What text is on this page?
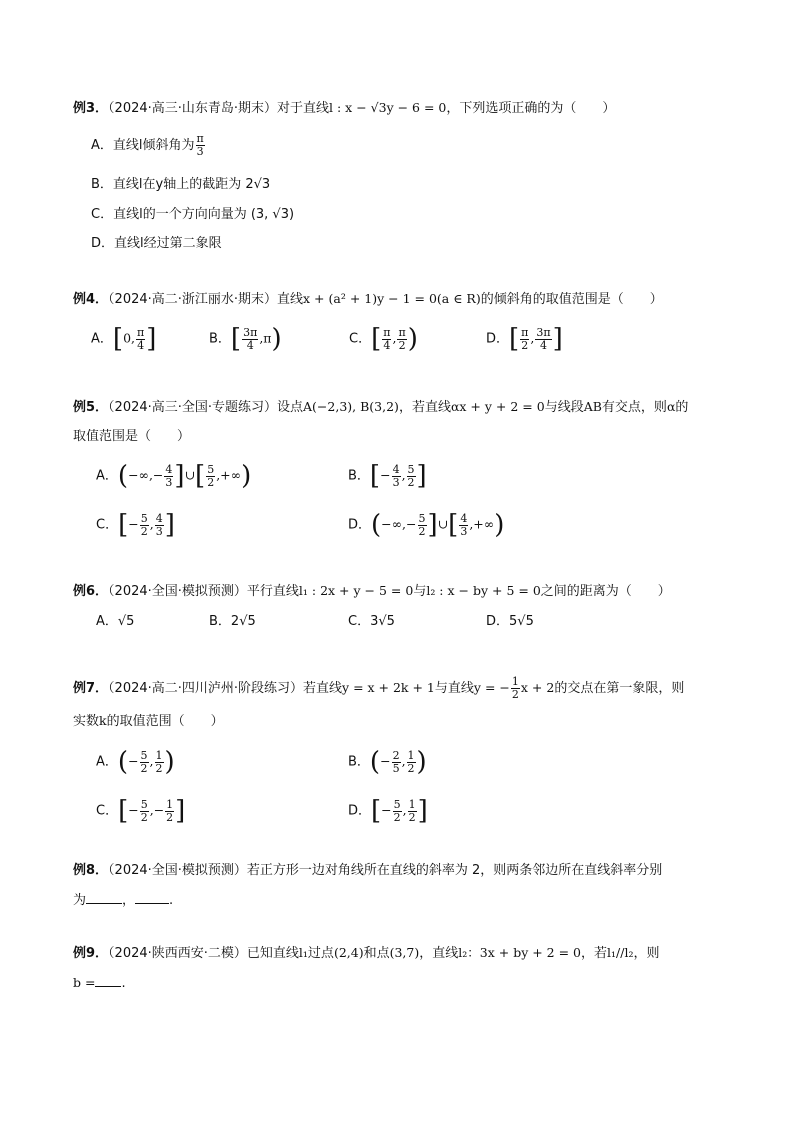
例3．（2024·高三·山东青岛·期末）对于直线l : x − √3y − 6 = 0，下列选项正确的为（　　）
A．直线l倾斜角为 $\frac{\pi}{3}$
B．直线l在y轴上的截距为 2√3
C．直线l的一个方向向量为 (3, √3)
D．直线l经过第二象限
例4．（2024·高二·浙江丽水·期末）直线x + (a² + 1)y − 1 = 0(a ∈ R)的倾斜角的取值范围是（　　）
A．[0, $\frac{\pi}{4}$ ]	B．[ $\frac{3\pi}{4} ,\pi$)	C．[ $\frac{\pi}{4}$ , $\frac{\pi}{2}$ )	D．[ $\frac{\pi}{2}$ , $\frac{3\pi}{4}$ ]
例5．（2024·高三·全国·专题练习）设点A(−2,3), B(3,2)，若直线αx + y + 2 = 0与线段AB有交点，则α的
取值范围是（　　）
A．(−∞,− $\frac{4}{3}$ ]∪[ $\frac{5}{2}$ ,+∞)	B．[− $\frac{4}{3}$ , $\frac{5}{2}$ ]
C．[− $\frac{5}{2}$ , $\frac{4}{3}$ ]	D．(−∞,− $\frac{5}{2}$ ]∪[ $\frac{4}{3}$ ,+∞)
例6．（2024·全国·模拟预测）平行直线l₁ : 2x + y − 5 = 0与l₂ : x − by + 5 = 0之间的距离为（　　）
A．√5	B．2√5	C．3√5	D．5√5
例7．（2024·高二·四川泸州·阶段练习）若直线y = x + 2k + 1与直线y = − $\frac{1}{2}$ x + 2的交点在第一象限，则
实数k的取值范围（　　）
A．(− $\frac{5}{2}$ , $\frac{1}{2}$ )	B．(− $\frac{2}{5}$ , $\frac{1}{2}$ )
C．[− $\frac{5}{2}$ ,− $\frac{1}{2}$ ]	D．[− $\frac{5}{2}$ , $\frac{1}{2}$ ]
例8．（2024·全国·模拟预测）若正方形一边对角线所在直线的斜率为 2，则两条邻边所在直线斜率分别
为	，	.
例9．（2024·陕西西安·二模）已知直线l₁过点(2,4)和点(3,7)，直线l₂：3x + by + 2 = 0，若l₁//l₂，则
b = .
